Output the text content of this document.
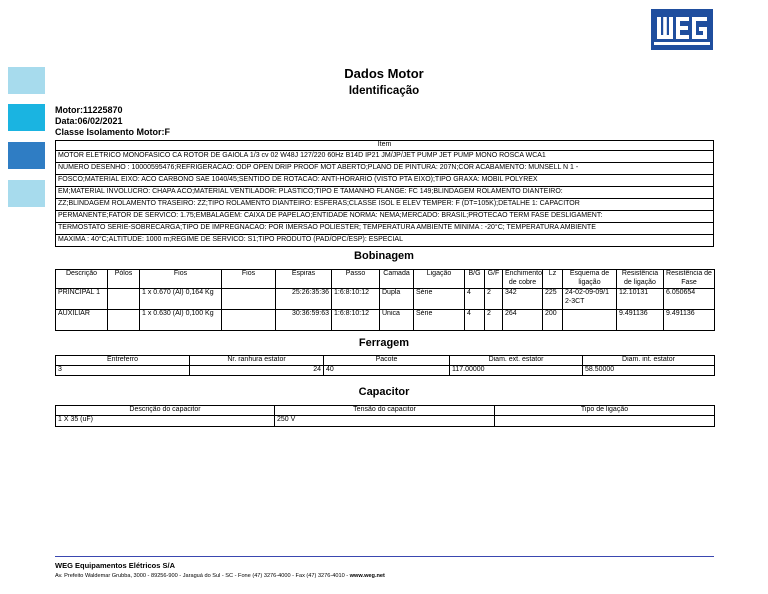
Dados Motor
Identificação
Motor:11225870
Data:06/02/2021
Classe Isolamento Motor:F
Item
MOTOR ELETRICO MONOFASICO CA ROTOR DE GAIOLA 1/3 cv 02 W48J 127/220 60Hz B14D IP21 JM/JP/JET PUMP JET PUMP MONO ROSCA WCA1
NUMERO DESENHO : 10000595476;REFRIGERACAO: ODP OPEN DRIP PROOF MOT ABERTO;PLANO DE PINTURA: 207N;COR ACABAMENTO: MUNSELL N 1 -
FOSCO;MATERIAL EIXO: ACO CARBONO SAE 1040/45;SENTIDO DE ROTACAO: ANTI-HORARIO (VISTO PTA EIXO);TIPO GRAXA: MOBIL POLYREX
EM;MATERIAL INVOLUCRO: CHAPA ACO;MATERIAL VENTILADOR: PLASTICO;TIPO E TAMANHO FLANGE: FC 149;BLINDAGEM ROLAMENTO DIANTEIRO:
ZZ;BLINDAGEM ROLAMENTO TRASEIRO: ZZ;TIPO ROLAMENTO DIANTEIRO: ESFERAS;CLASSE ISOL E ELEV TEMPER: F (DT=105K);DETALHE 1: CAPACITOR
PERMANENTE;FATOR DE SERVICO: 1.75;EMBALAGEM: CAIXA DE PAPELAO;ENTIDADE NORMA: NEMA;MERCADO: BRASIL;PROTECAO TERM FASE DESLIGAMENT:
TERMOSTATO SERIE-SOBRECARGA;TIPO DE IMPREGNACAO: POR IMERSAO POLIESTER; TEMPERATURA AMBIENTE MINIMA : -20°C; TEMPERATURA AMBIENTE
MAXIMA : 40°C;ALTITUDE: 1000 m;REGIME DE SERVICO: S1;TIPO PRODUTO (PAD/OPC/ESP): ESPECIAL
Bobinagem
Descrição	Pólos	Fios	Fios	Espiras	Passo	Camada	Ligação	B/G	G/F	Enchimento de cobre	Lz	Esquema de ligação	Resistência de ligação	Resistência de Fase
PRINCIPAL 1		1 x 0.670 (Al) 0,164 Kg		25:26:35:36	1:6:8:10:12	Dupla	Série	4	2	342	225	24-02-09-09/1 2-3CT	12.10131	6.050654
AUXILIAR		1 x 0.630 (Al) 0,100 Kg		30:36:59:63	1:6:8:10:12	Única	Série	4	2	264	200		9.491136	9.491136
Ferragem
Entreferro	Nr. ranhura estator	Pacote	Diam. ext. estator	Diam. int. estator
3	24	40	117.00000	58.50000
Capacitor
Descrição do capacitor	Tensão do capacitor	Tipo de ligação
1 X 35 (uF)	250 V	
WEG Equipamentos Elétricos S/A
Av. Prefeito Waldemar Grubba, 3000 - 89256-900 - Jaraguá do Sul - SC - Fone (47) 3276-4000 - Fax (47) 3276-4010 - www.weg.net
